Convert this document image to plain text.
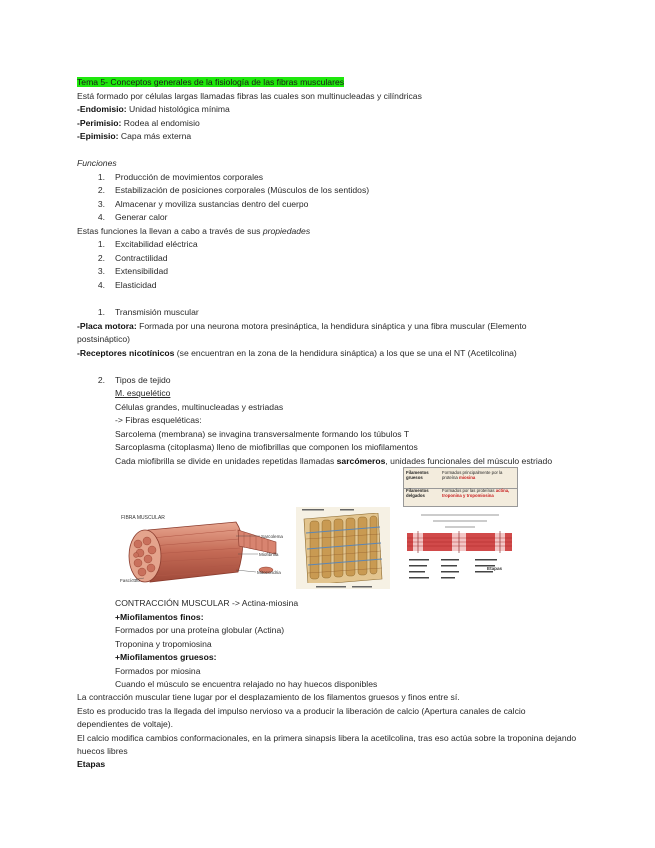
Tema 5- Conceptos generales de la fisiología de las fibras musculares
Está formado por células largas llamadas fibras las cuales son multinucleadas y cilíndricas
-Endomisio: Unidad histológica mínima
-Perimisio: Rodea al endomisio
-Epimisio: Capa más externa
Funciones
1. Producción de movimientos corporales
2. Estabilización de posiciones corporales (Músculos de los sentidos)
3. Almacenar y moviliza sustancias dentro del cuerpo
4. Generar calor
Estas funciones la llevan a cabo a través de sus propiedades
1. Excitabilidad eléctrica
2. Contractilidad
3. Extensibilidad
4. Elasticidad
1. Transmisión muscular
-Placa motora: Formada por una neurona motora presináptica, la hendidura sináptica y una fibra muscular (Elemento
postsináptico)
-Receptores nicotínicos (se encuentran en la zona de la hendidura sináptica) a los que se una el NT (Acetilcolina)
2. Tipos de tejido
M. esquelético
Células grandes, multinucleadas y estriadas
-> Fibras esqueléticas:
Sarcolema (membrana) se invagina transversalmente formando los túbulos T
Sarcoplasma (citoplasma) lleno de miofibrillas que componen los miofilamentos
Cada miofibrilla se divide en unidades repetidas llamadas sarcómeros, unidades funcionales del músculo estriado
FIBRA MUSCULAR
Sarcolema
Miofibrilla
Fascículo
Mitocondria
Filamentos gruesos
Formados principalmente por la proteína miosina
Filamentos delgados
Formados por las proteínas actina, troponina y tropomiosina
Etapas
CONTRACCIÓN MUSCULAR -> Actina-miosina
+Miofilamentos finos:
Formados por una proteína globular (Actina)
Troponina y tropomiosina
+Miofilamentos gruesos:
Formados por miosina
Cuando el músculo se encuentra relajado no hay huecos disponibles
La contracción muscular tiene lugar por el desplazamiento de los filamentos gruesos y finos entre sí.
Esto es producido tras la llegada del impulso nervioso va a producir la liberación de calcio (Apertura canales de calcio
dependientes de voltaje).
El calcio modifica cambios conformacionales, en la primera sinapsis libera la acetilcolina, tras eso actúa sobre la troponina dejando
huecos libres
Etapas
